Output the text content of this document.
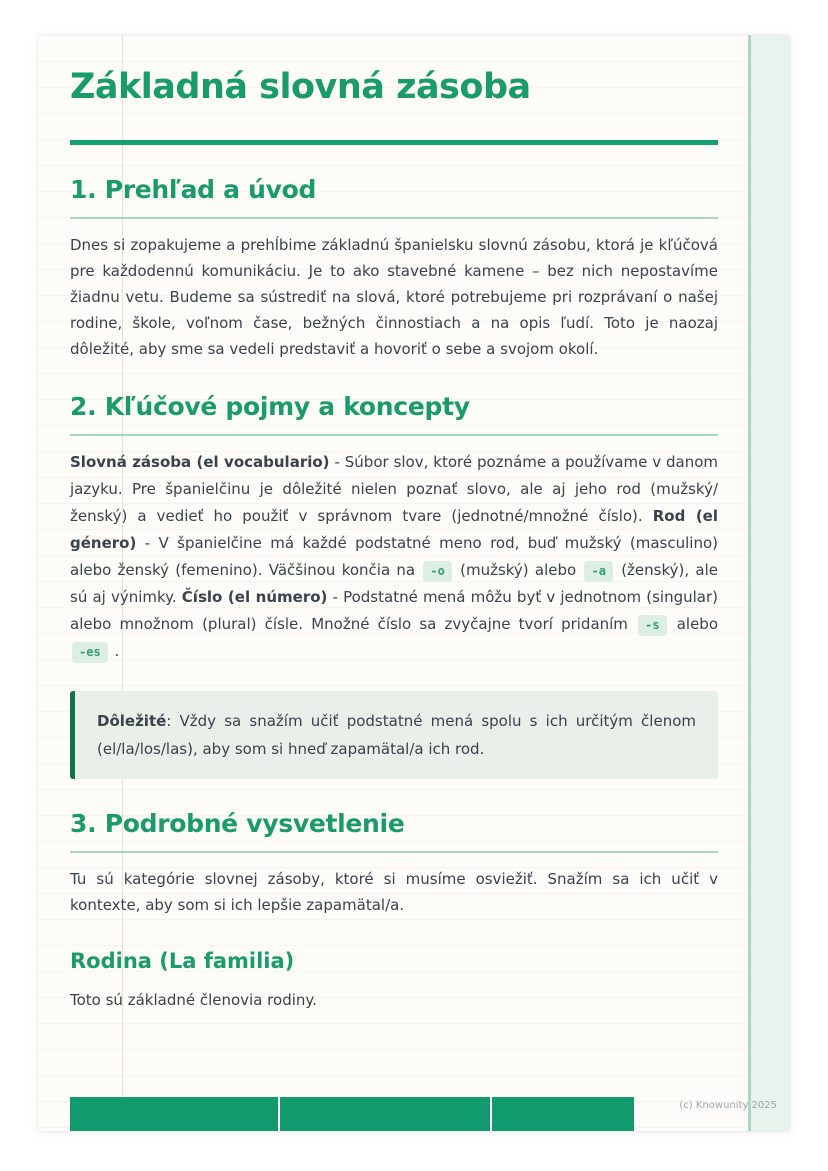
Základná slovná zásoba
1. Prehľad a úvod

Dnes si zopakujeme a prehĺbime základnú španielsku slovnú zásobu, ktorá je kľúčová pre každodennú komunikáciu. Je to ako stavebné kamene – bez nich nepostavíme žiadnu vetu. Budeme sa sústrediť na slová, ktoré potrebujeme pri rozprávaní o našej rodine, škole, voľnom čase, bežných činnostiach a na opis ľudí. Toto je naozaj dôležité, aby sme sa vedeli predstaviť a hovoriť o sebe a svojom okolí.

2. Kľúčové pojmy a koncepty

Slovná zásoba (el vocabulario) - Súbor slov, ktoré poznáme a používame v danom jazyku. Pre španielčinu je dôležité nielen poznať slovo, ale aj jeho rod (mužský/ženský) a vedieť ho použiť v správnom tvare (jednotné/množné číslo). Rod (el género) - V španielčine má každé podstatné meno rod, buď mužský (masculino) alebo ženský (femenino). Väčšinou končia na -o (mužský) alebo -a (ženský), ale sú aj výnimky. Číslo (el número) - Podstatné mená môžu byť v jednotnom (singular) alebo množnom (plural) čísle. Množné číslo sa zvyčajne tvorí pridaním -s alebo -es .

Dôležité: Vždy sa snažím učiť podstatné mená spolu s ich určitým členom (el/la/los/las), aby som si hneď zapamätal/a ich rod.
3. Podrobné vysvetlenie

Tu sú kategórie slovnej zásoby, ktoré si musíme osviežiť. Snažím sa ich učiť v kontexte, aby som si ich lepšie zapamätal/a.

Rodina (La familia)

Toto sú základné členovia rodiny.

(c) Knowunity 2025
